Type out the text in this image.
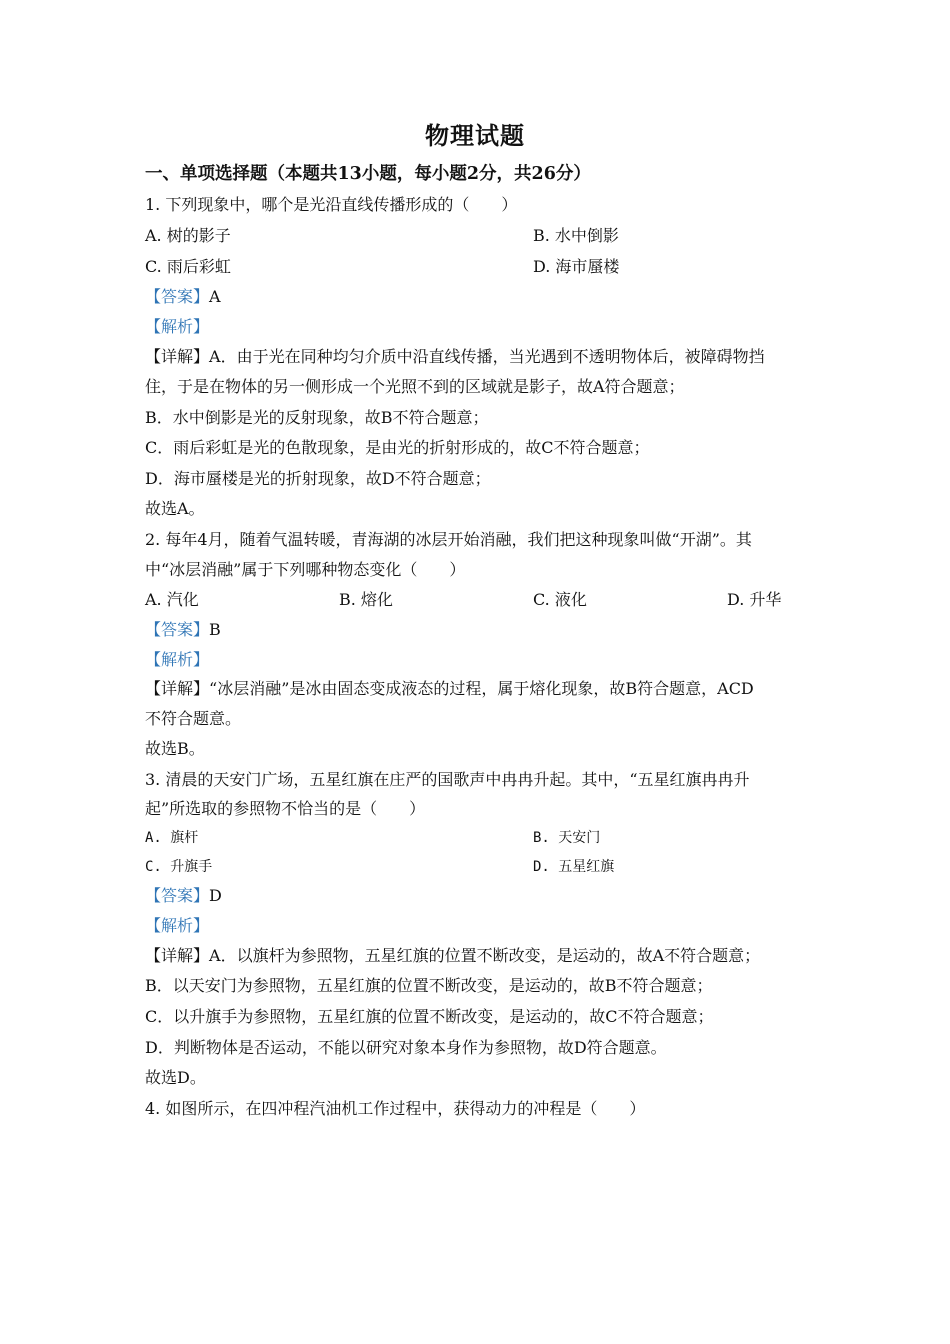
物理试题
一、单项选择题（本题共13小题，每小题2分，共26分）
1. 下列现象中，哪个是光沿直线传播形成的（　　）
A. 树的影子	B. 水中倒影
C. 雨后彩虹	D. 海市蜃楼
【答案】A
【解析】
【详解】A．由于光在同种均匀介质中沿直线传播，当光遇到不透明物体后，被障碍物挡
住，于是在物体的另一侧形成一个光照不到的区域就是影子，故A符合题意；
B．水中倒影是光的反射现象，故B不符合题意；
C．雨后彩虹是光的色散现象，是由光的折射形成的，故C不符合题意；
D．海市蜃楼是光的折射现象，故D不符合题意；
故选A。
2. 每年4月，随着气温转暖，青海湖的冰层开始消融，我们把这种现象叫做“开湖”。其
中“冰层消融”属于下列哪种物态变化（　　）
A. 汽化	B. 熔化	C. 液化	D. 升华
【答案】B
【解析】
【详解】“冰层消融”是冰由固态变成液态的过程，属于熔化现象，故B符合题意，ACD
不符合题意。
故选B。
3. 清晨的天安门广场，五星红旗在庄严的国歌声中冉冉升起。其中，“五星红旗冉冉升
起”所选取的参照物不恰当的是（　　）
A. 旗杆	B. 天安门
C. 升旗手	D. 五星红旗
【答案】D
【解析】
【详解】A．以旗杆为参照物，五星红旗的位置不断改变，是运动的，故A不符合题意；
B．以天安门为参照物，五星红旗的位置不断改变，是运动的，故B不符合题意；
C．以升旗手为参照物，五星红旗的位置不断改变，是运动的，故C不符合题意；
D．判断物体是否运动，不能以研究对象本身作为参照物，故D符合题意。
故选D。
4. 如图所示，在四冲程汽油机工作过程中，获得动力的冲程是（　　）
